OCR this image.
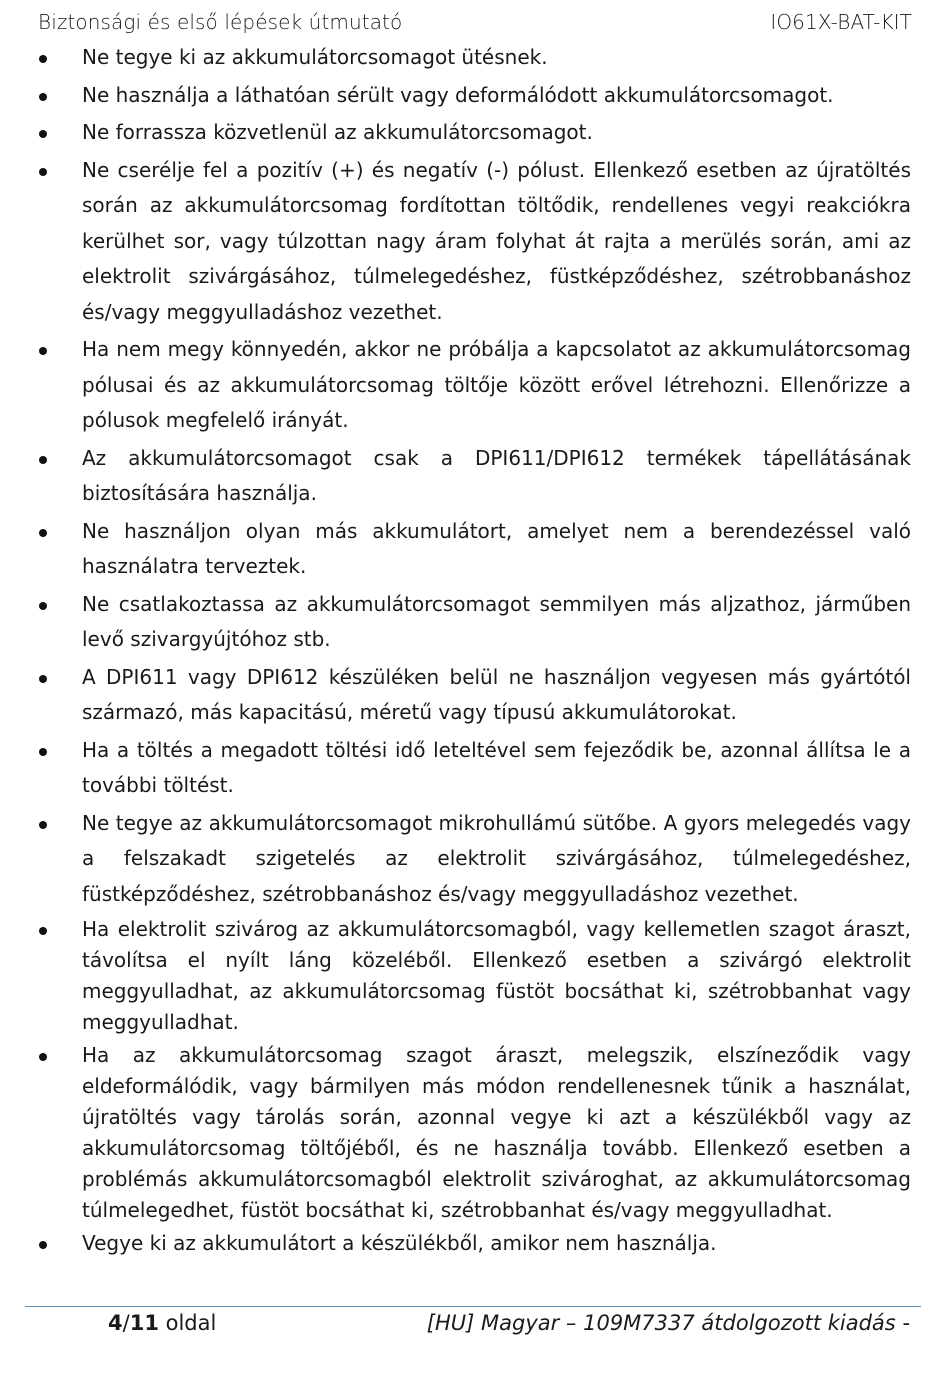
Biztonsági és első lépések útmutató	IO61X-BAT-KIT
Ne tegye ki az akkumulátorcsomagot ütésnek.
Ne használja a láthatóan sérült vagy deformálódott akkumulátorcsomagot.
Ne forrassza közvetlenül az akkumulátorcsomagot.
Ne cserélje fel a pozitív (+) és negatív (-) pólust. Ellenkező esetben az újratöltés során az akkumulátorcsomag fordítottan töltődik, rendellenes vegyi reakciókra kerülhet sor, vagy túlzottan nagy áram folyhat át rajta a merülés során, ami az elektrolit szivárgásához, túlmelegedéshez, füstképződéshez, szétrobbanáshoz és/vagy meggyulladáshoz vezethet.
Ha nem megy könnyedén, akkor ne próbálja a kapcsolatot az akkumulátorcsomag pólusai és az akkumulátorcsomag töltője között erővel létrehozni. Ellenőrizze a pólusok megfelelő irányát.
Az akkumulátorcsomagot csak a DPI611/DPI612 termékek tápellátásának biztosítására használja.
Ne használjon olyan más akkumulátort, amelyet nem a berendezéssel való használatra terveztek.
Ne csatlakoztassa az akkumulátorcsomagot semmilyen más aljzathoz, járműben levő szivargyújtóhoz stb.
A DPI611 vagy DPI612 készüléken belül ne használjon vegyesen más gyártótól származó, más kapacitású, méretű vagy típusú akkumulátorokat.
Ha a töltés a megadott töltési idő leteltével sem fejeződik be, azonnal állítsa le a további töltést.
Ne tegye az akkumulátorcsomagot mikrohullámú sütőbe. A gyors melegedés vagy a felszakadt szigetelés az elektrolit szivárgásához, túlmelegedéshez, füstképződéshez, szétrobbanáshoz és/vagy meggyulladáshoz vezethet.
Ha elektrolit szivárog az akkumulátorcsomagból, vagy kellemetlen szagot áraszt, távolítsa el nyílt láng közeléből. Ellenkező esetben a szivárgó elektrolit meggyulladhat, az akkumulátorcsomag füstöt bocsáthat ki, szétrobbanhat vagy meggyulladhat.
Ha az akkumulátorcsomag szagot áraszt, melegszik, elszíneződik vagy eldeformálódik, vagy bármilyen más módon rendellenesnek tűnik a használat, újratöltés vagy tárolás során, azonnal vegye ki azt a készülékből vagy az akkumulátorcsomag töltőjéből, és ne használja tovább. Ellenkező esetben a problémás akkumulátorcsomagból elektrolit szivároghat, az akkumulátorcsomag túlmelegedhet, füstöt bocsáthat ki, szétrobbanhat és/vagy meggyulladhat.
Vegye ki az akkumulátort a készülékből, amikor nem használja.
4/11 oldal	[HU] Magyar – 109M7337 átdolgozott kiadás -
